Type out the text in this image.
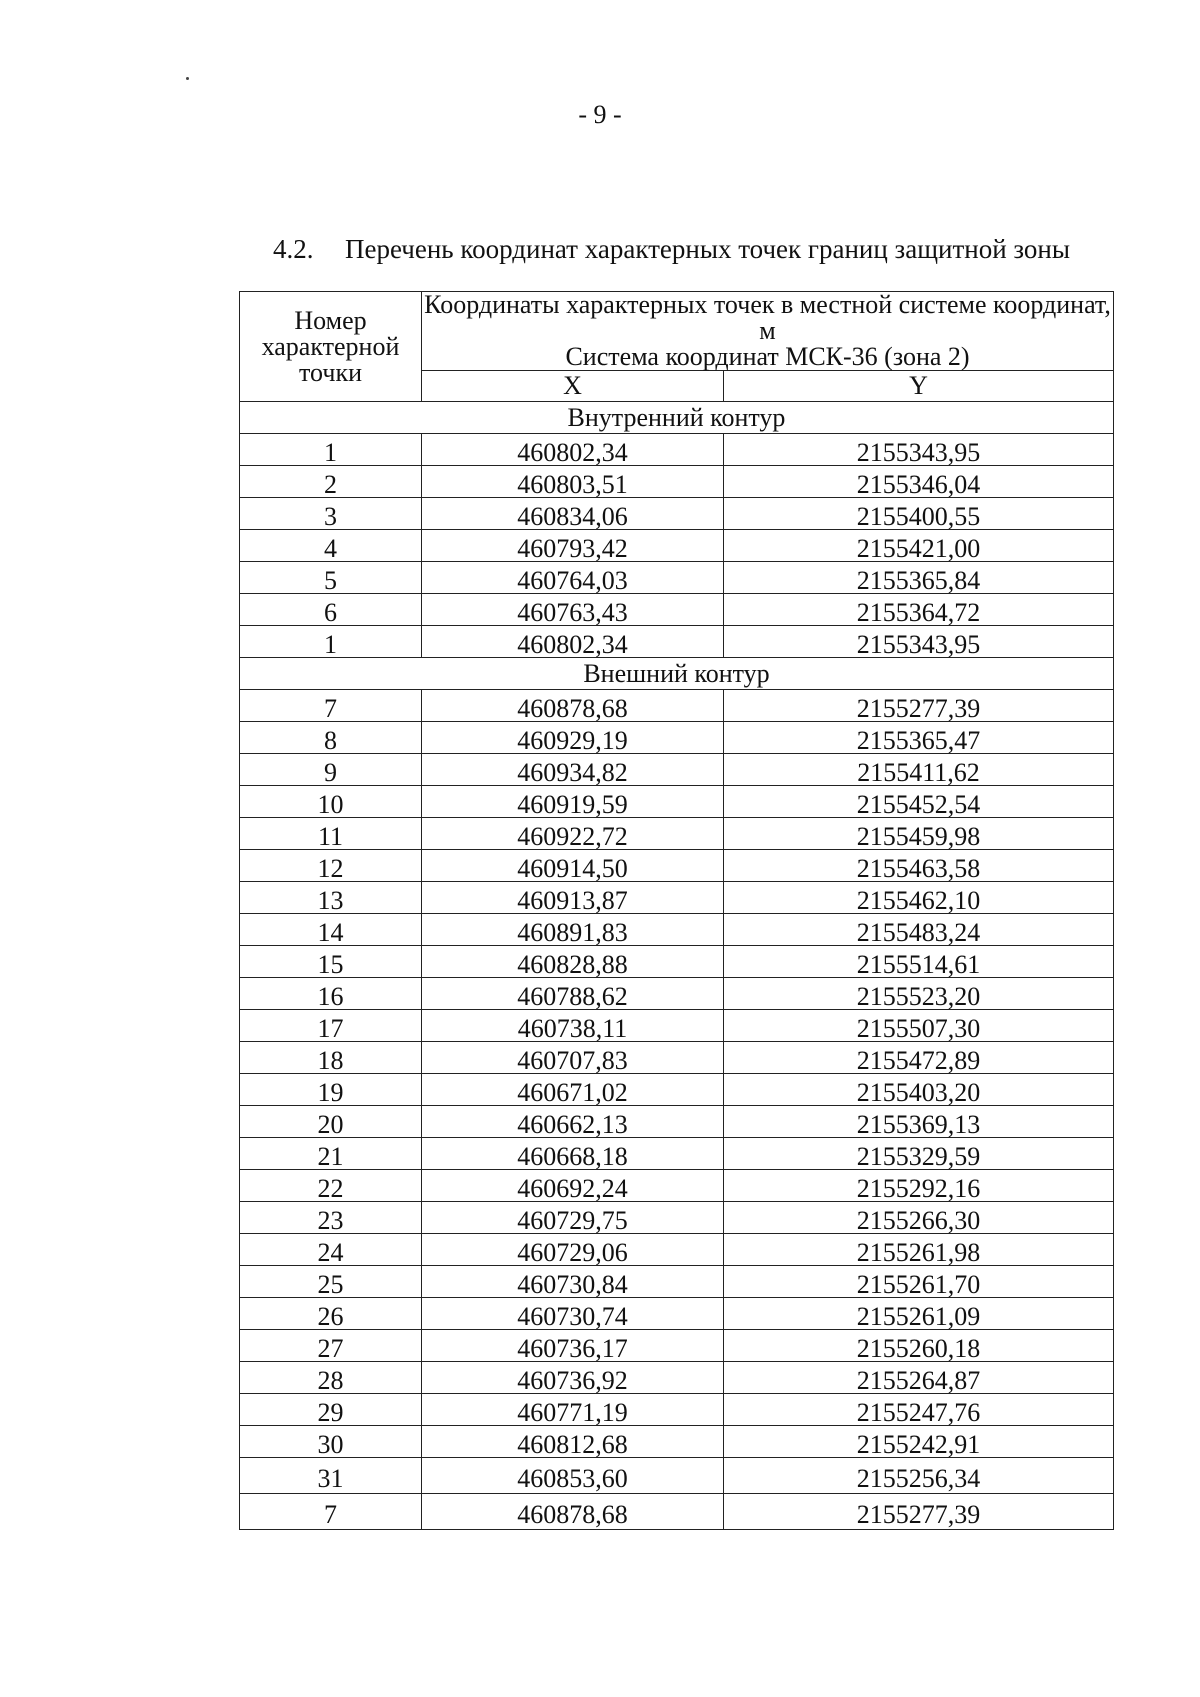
- 9 -
4.2. Перечень координат характерных точек границ защитной зоны
Номер характерной точки	Координаты характерных точек в местной системе координат, м
Система координат МСК-36 (зона 2)	

	X	Y
Внутренний контур		
1	460802,34	2155343,95
2	460803,51	2155346,04
3	460834,06	2155400,55
4	460793,42	2155421,00
5	460764,03	2155365,84
6	460763,43	2155364,72
1	460802,34	2155343,95
Внешний контур		
7	460878,68	2155277,39
8	460929,19	2155365,47
9	460934,82	2155411,62
10	460919,59	2155452,54
11	460922,72	2155459,98
12	460914,50	2155463,58
13	460913,87	2155462,10
14	460891,83	2155483,24
15	460828,88	2155514,61
16	460788,62	2155523,20
17	460738,11	2155507,30
18	460707,83	2155472,89
19	460671,02	2155403,20
20	460662,13	2155369,13
21	460668,18	2155329,59
22	460692,24	2155292,16
23	460729,75	2155266,30
24	460729,06	2155261,98
25	460730,84	2155261,70
26	460730,74	2155261,09
27	460736,17	2155260,18
28	460736,92	2155264,87
29	460771,19	2155247,76
30	460812,68	2155242,91
31	460853,60	2155256,34
7	460878,68	2155277,39
